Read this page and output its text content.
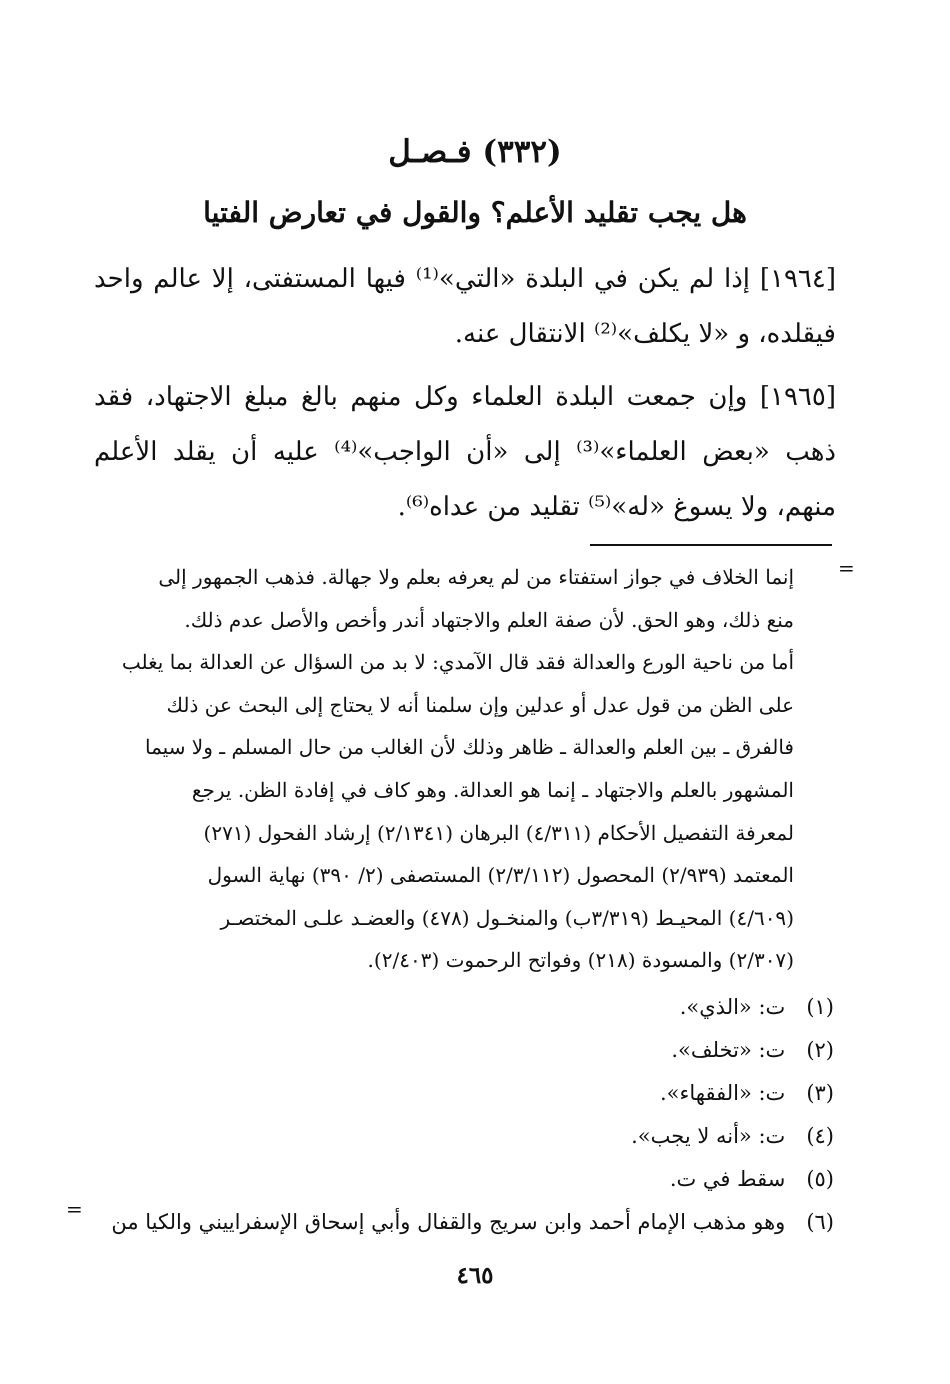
(٣٣٢) فـصـل
هل يجب تقليد الأعلم؟ والقول في تعارض الفتيا
[١٩٦٤] إذا لم يكن في البلدة «التي»⁽¹⁾ فيها المستفتى، إلا عالم واحد فيقلده، و «لا يكلف»⁽²⁾ الانتقال عنه.
[١٩٦٥] وإن جمعت البلدة العلماء وكل منهم بالغ مبلغ الاجتهاد، فقد ذهب «بعض العلماء»⁽³⁾ إلى «أن الواجب»⁽⁴⁾ عليه أن يقلد الأعلم منهم، ولا يسوغ «له»⁽⁵⁾ تقليد من عداه⁽⁶⁾.
=
إنما الخلاف في جواز استفتاء من لم يعرفه بعلم ولا جهالة. فذهب الجمهور إلى
منع ذلك، وهو الحق. لأن صفة العلم والاجتهاد أندر وأخص والأصل عدم ذلك.
أما من ناحية الورع والعدالة فقد قال الآمدي: لا بد من السؤال عن العدالة بما يغلب
على الظن من قول عدل أو عدلين وإن سلمنا أنه لا يحتاج إلى البحث عن ذلك
فالفرق ـ بين العلم والعدالة ـ ظاهر وذلك لأن الغالب من حال المسلم ـ ولا سيما
المشهور بالعلم والاجتهاد ـ إنما هو العدالة. وهو كاف في إفادة الظن. يرجع
لمعرفة التفصيل الأحكام (٤/٣١١) البرهان (٢/١٣٤١) إرشاد الفحول (٢٧١)
المعتمد (٢/٩٣٩) المحصول (٢/٣/١١٢) المستصفى (٢/ ٣٩٠) نهاية السول
(٤/٦٠٩) المحيـط (٣/٣١٩ب) والمنخـول (٤٧٨) والعضـد علـى المختصـر
(٢/٣٠٧) والمسودة (٢١٨) وفواتح الرحموت (٢/٤٠٣).
(١) ت: «الذي».
(٢) ت: «تخلف».
(٣) ت: «الفقهاء».
(٤) ت: «أنه لا يجب».
(٥) سقط في ت.
(٦) وهو مذهب الإمام أحمد وابن سريج والقفال وأبي إسحاق الإسفراييني والكيا من
=
٤٦٥
